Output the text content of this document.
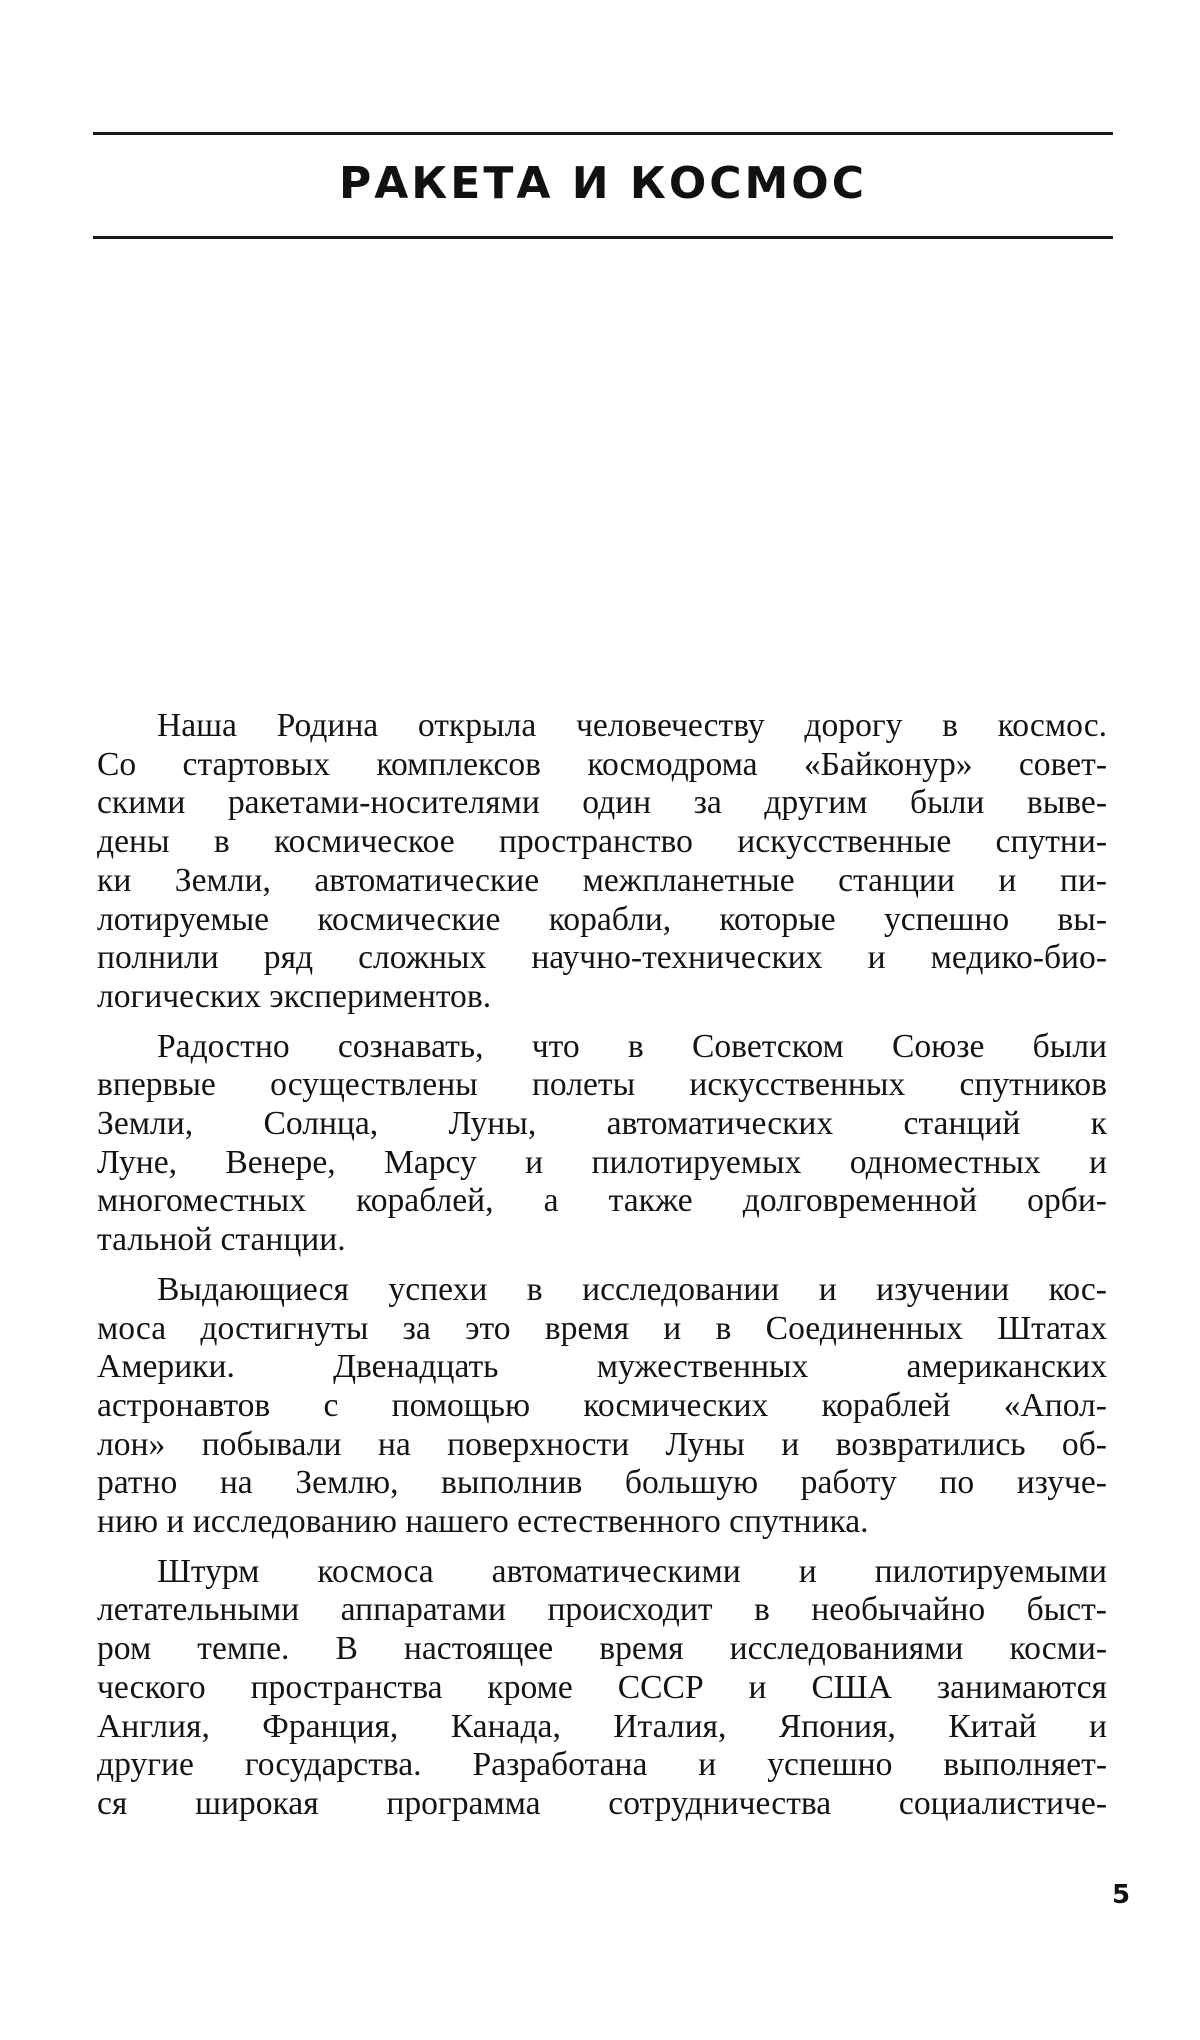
РАКЕТА И КОСМОС

Наша Родина открыла человечеству дорогу в космос.
Со стартовых комплексов космодрома «Байконур» совет-
скими ракетами-носителями один за другим были выве-
дены в космическое пространство искусственные спутни-
ки Земли, автоматические межпланетные станции и пи-
лотируемые космические корабли, которые успешно вы-
полнили ряд сложных научно-технических и медико-био-
логических экспериментов.

Радостно сознавать, что в Советском Союзе были
впервые осуществлены полеты искусственных спутников
Земли, Солнца, Луны, автоматических станций к
Луне, Венере, Марсу и пилотируемых одноместных и
многоместных кораблей, а также долговременной орби-
тальной станции.

Выдающиеся успехи в исследовании и изучении кос-
моса достигнуты за это время и в Соединенных Штатах
Америки. Двенадцать мужественных американских
астронавтов с помощью космических кораблей «Апол-
лон» побывали на поверхности Луны и возвратились об-
ратно на Землю, выполнив большую работу по изуче-
нию и исследованию нашего естественного спутника.

Штурм космоса автоматическими и пилотируемыми
летательными аппаратами происходит в необычайно быст-
ром темпе. В настоящее время исследованиями косми-
ческого пространства кроме СССР и США занимаются
Англия, Франция, Канада, Италия, Япония, Китай и
другие государства. Разработана и успешно выполняет-
ся широкая программа сотрудничества социалистиче-

5
